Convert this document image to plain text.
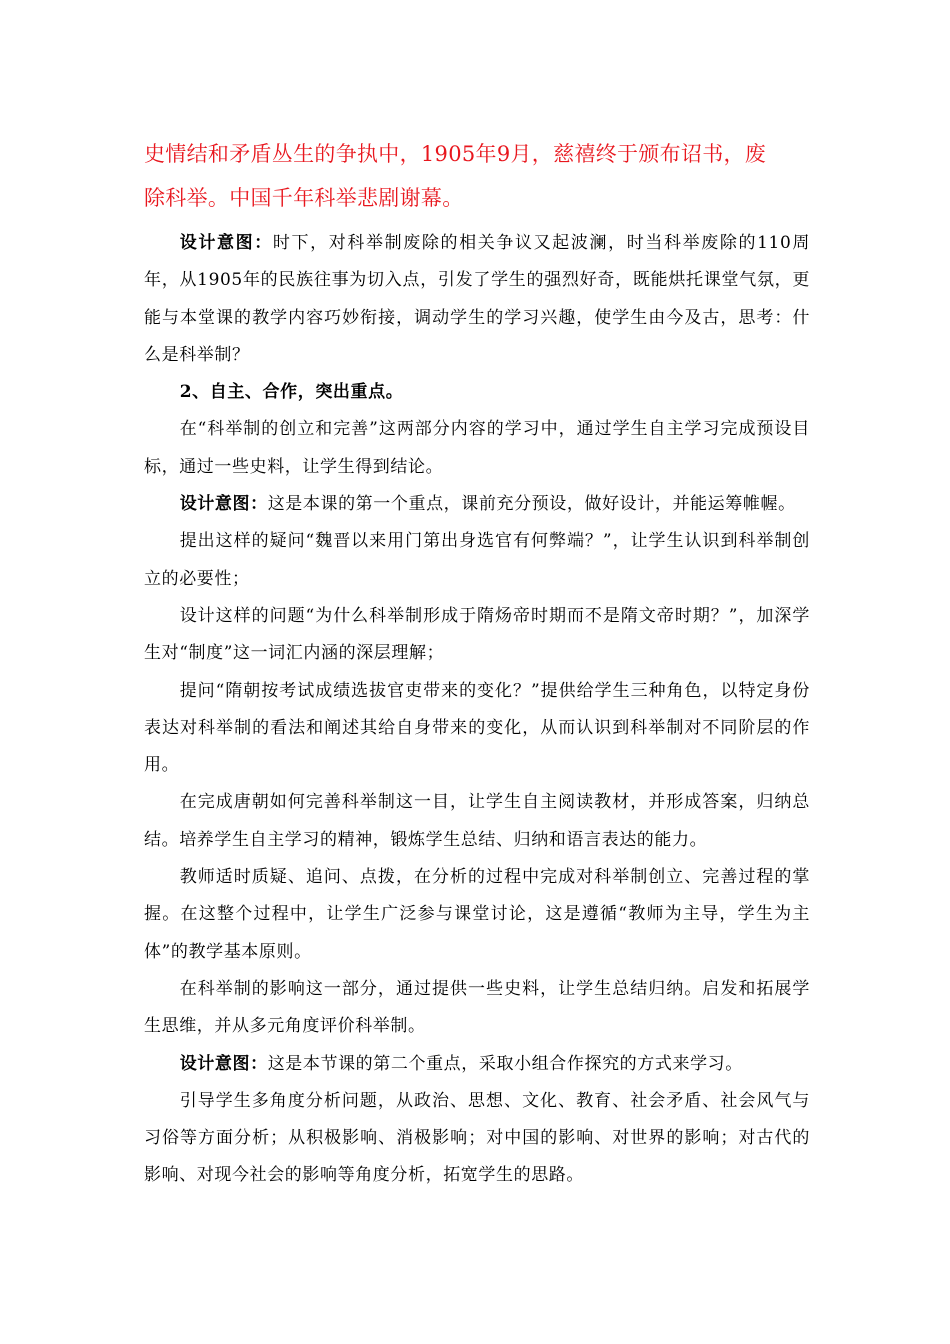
史情结和矛盾丛生的争执中，1905年9月，慈禧终于颁布诏书，废
除科举。中国千年科举悲剧谢幕。

设计意图：时下，对科举制废除的相关争议又起波澜，时当科举废除的110周年，从1905年的民族往事为切入点，引发了学生的强烈好奇，既能烘托课堂气氛，更能与本堂课的教学内容巧妙衔接，调动学生的学习兴趣，使学生由今及古，思考：什么是科举制？

2、自主、合作，突出重点。

在“科举制的创立和完善”这两部分内容的学习中，通过学生自主学习完成预设目标，通过一些史料，让学生得到结论。

设计意图：这是本课的第一个重点，课前充分预设，做好设计，并能运筹帷幄。

提出这样的疑问“魏晋以来用门第出身选官有何弊端？”，让学生认识到科举制创立的必要性；

设计这样的问题“为什么科举制形成于隋炀帝时期而不是隋文帝时期？”，加深学生对“制度”这一词汇内涵的深层理解；

提问“隋朝按考试成绩选拔官吏带来的变化？”提供给学生三种角色，以特定身份表达对科举制的看法和阐述其给自身带来的变化，从而认识到科举制对不同阶层的作用。

在完成唐朝如何完善科举制这一目，让学生自主阅读教材，并形成答案，归纳总结。培养学生自主学习的精神，锻炼学生总结、归纳和语言表达的能力。

教师适时质疑、追问、点拨，在分析的过程中完成对科举制创立、完善过程的掌握。在这整个过程中，让学生广泛参与课堂讨论，这是遵循“教师为主导，学生为主体”的教学基本原则。

在科举制的影响这一部分，通过提供一些史料，让学生总结归纳。启发和拓展学生思维，并从多元角度评价科举制。

设计意图：这是本节课的第二个重点，采取小组合作探究的方式来学习。

引导学生多角度分析问题，从政治、思想、文化、教育、社会矛盾、社会风气与习俗等方面分析；从积极影响、消极影响；对中国的影响、对世界的影响；对古代的影响、对现今社会的影响等角度分析，拓宽学生的思路。
